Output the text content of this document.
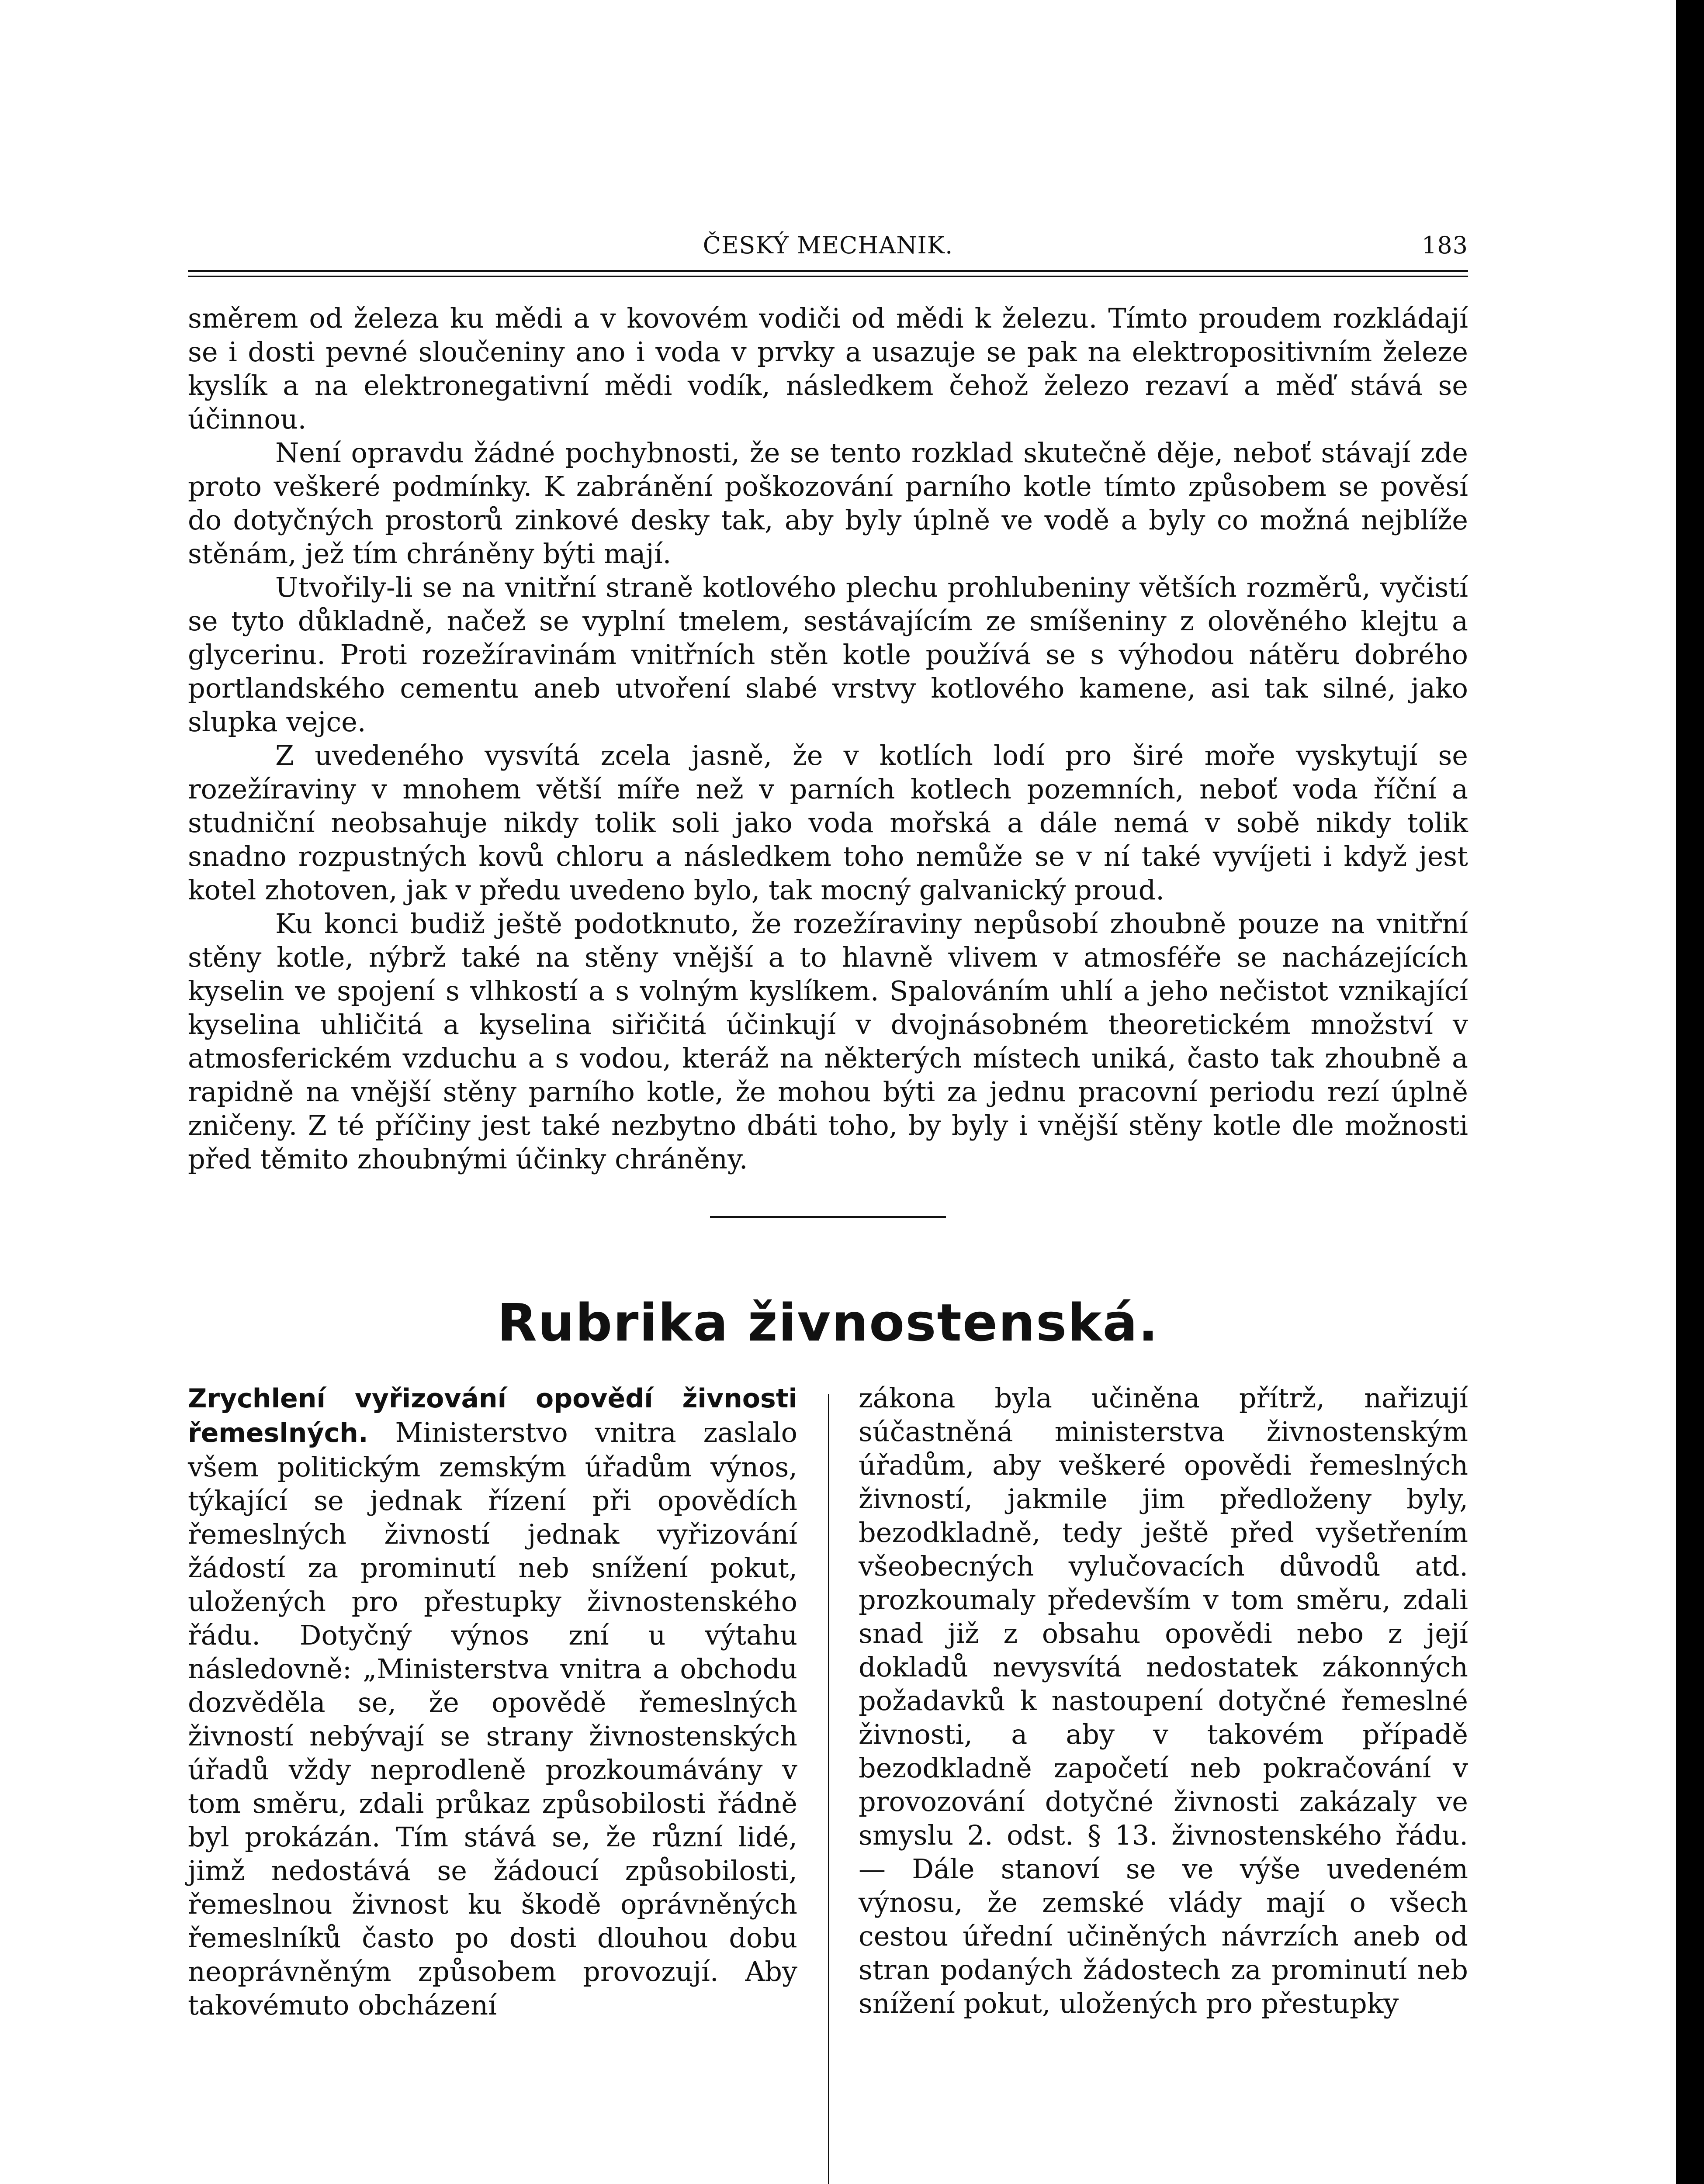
ČESKÝ MECHANIK.	183

směrem od železa ku mědi a v kovovém vodiči od mědi k železu. Tímto proudem rozkládají se i dosti pevné sloučeniny ano i voda v prvky a usazuje se pak na elektropositivním železe kyslík a na elektronegativní mědi vodík, následkem čehož železo rezaví a měď stává se účinnou.

Není opravdu žádné pochybnosti, že se tento rozklad skutečně děje, neboť stávají zde proto veškeré podmínky. K zabránění poškozování parního kotle tímto způsobem se pověsí do dotyčných prostorů zinkové desky tak, aby byly úplně ve vodě a byly co možná nejblíže stěnám, jež tím chráněny býti mají.

Utvořily-li se na vnitřní straně kotlového plechu prohlubeniny větších rozměrů, vyčistí se tyto důkladně, načež se vyplní tmelem, sestávajícím ze smíšeniny z olověného klejtu a glycerinu. Proti rozežíravinám vnitřních stěn kotle používá se s výhodou nátěru dobrého portlandského cementu aneb utvoření slabé vrstvy kotlového kamene, asi tak silné, jako slupka vejce.

Z uvedeného vysvítá zcela jasně, že v kotlích lodí pro širé moře vyskytují se rozežíraviny v mnohem větší míře než v parních kotlech pozemních, neboť voda říční a studniční neobsahuje nikdy tolik soli jako voda mořská a dále nemá v sobě nikdy tolik snadno rozpustných kovů chloru a následkem toho nemůže se v ní také vyvíjeti i když jest kotel zhotoven, jak v předu uvedeno bylo, tak mocný galvanický proud.

Ku konci budiž ještě podotknuto, že rozežíraviny nepůsobí zhoubně pouze na vnitřní stěny kotle, nýbrž také na stěny vnější a to hlavně vlivem v atmosféře se nacházejících kyselin ve spojení s vlhkostí a s volným kyslíkem. Spalováním uhlí a jeho nečistot vznikající kyselina uhličitá a kyselina siřičitá účinkují v dvojnásobném theoretickém množství v atmosferickém vzduchu a s vodou, kteráž na některých místech uniká, často tak zhoubně a rapidně na vnější stěny parního kotle, že mohou býti za jednu pracovní periodu rezí úplně zničeny. Z té příčiny jest také nezbytno dbáti toho, by byly i vnější stěny kotle dle možnosti před těmito zhoubnými účinky chráněny.

Rubrika živnostenská.

Zrychlení vyřizování opovědí živnosti řemeslných. Ministerstvo vnitra zaslalo všem politickým zemským úřadům výnos, týkající se jednak řízení při opovědích řemeslných živností jednak vyřizování žádostí za prominutí neb snížení pokut, uložených pro přestupky živnostenského řádu. Dotyčný výnos zní u výtahu následovně: „Ministerstva vnitra a obchodu dozvěděla se, že opovědě řemeslných živností nebývají se strany živnostenských úřadů vždy neprodleně prozkoumávány v tom směru, zdali průkaz způsobilosti řádně byl prokázán. Tím stává se, že různí lidé, jimž nedostává se žádoucí způsobilosti, řemeslnou živnost ku škodě oprávněných řemeslníků často po dosti dlouhou dobu neoprávněným způsobem provozují. Aby takovémuto obcházení

zákona byla učiněna přítrž, nařizují súčastněná ministerstva živnostenským úřadům, aby veškeré opovědi řemeslných živností, jakmile jim předloženy byly, bezodkladně, tedy ještě před vyšetřením všeobecných vylučovacích důvodů atd. prozkoumaly především v tom směru, zdali snad již z obsahu opovědi nebo z její dokladů nevysvítá nedostatek zákonných požadavků k nastoupení dotyčné řemeslné živnosti, a aby v takovém případě bezodkladně započetí neb pokračování v provozování dotyčné živnosti zakázaly ve smyslu 2. odst. § 13. živnostenského řádu. — Dále stanoví se ve výše uvedeném výnosu, že zemské vlády mají o všech cestou úřední učiněných návrzích aneb od stran podaných žádostech za prominutí neb snížení pokut, uložených pro přestupky
